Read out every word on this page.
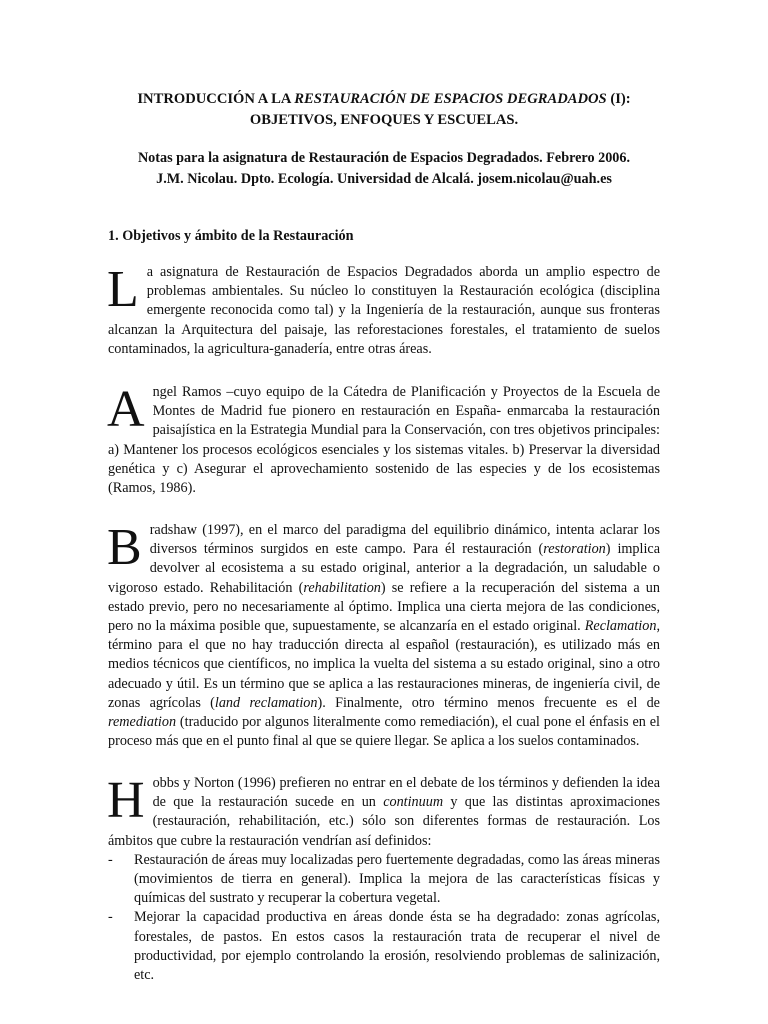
INTRODUCCIÓN A LA RESTAURACIÓN DE ESPACIOS DEGRADADOS (I):
OBJETIVOS, ENFOQUES Y ESCUELAS.
Notas para la asignatura de Restauración de Espacios Degradados. Febrero 2006.
J.M. Nicolau. Dpto. Ecología. Universidad de Alcalá. josem.nicolau@uah.es
1. Objetivos y ámbito de la Restauración
L a asignatura de Restauración de Espacios Degradados aborda un amplio espectro de problemas ambientales. Su núcleo lo constituyen la Restauración ecológica (disciplina emergente reconocida como tal) y la Ingeniería de la restauración, aunque sus fronteras alcanzan la Arquitectura del paisaje, las reforestaciones forestales, el tratamiento de suelos contaminados, la agricultura-ganadería, entre otras áreas.

A ngel Ramos –cuyo equipo de la Cátedra de Planificación y Proyectos de la Escuela de Montes de Madrid fue pionero en restauración en España- enmarcaba la restauración paisajística en la Estrategia Mundial para la Conservación, con tres objetivos principales: a) Mantener los procesos ecológicos esenciales y los sistemas vitales. b) Preservar la diversidad genética y c) Asegurar el aprovechamiento sostenido de las especies y de los ecosistemas (Ramos, 1986).

B radshaw (1997), en el marco del paradigma del equilibrio dinámico, intenta aclarar los diversos términos surgidos en este campo. Para él restauración (restoration) implica devolver al ecosistema a su estado original, anterior a la degradación, un saludable o vigoroso estado. Rehabilitación (rehabilitation) se refiere a la recuperación del sistema a un estado previo, pero no necesariamente al óptimo. Implica una cierta mejora de las condiciones, pero no la máxima posible que, supuestamente, se alcanzaría en el estado original. Reclamation, término para el que no hay traducción directa al español (restauración), es utilizado más en medios técnicos que científicos, no implica la vuelta del sistema a su estado original, sino a otro adecuado y útil. Es un término que se aplica a las restauraciones mineras, de ingeniería civil, de zonas agrícolas (land reclamation). Finalmente, otro término menos frecuente es el de remediation (traducido por algunos literalmente como remediación), el cual pone el énfasis en el proceso más que en el punto final al que se quiere llegar. Se aplica a los suelos contaminados.

H obbs y Norton (1996) prefieren no entrar en el debate de los términos y defienden la idea de que la restauración sucede en un continuum y que las distintas aproximaciones (restauración, rehabilitación, etc.) sólo son diferentes formas de restauración. Los ámbitos que cubre la restauración vendrían así definidos:

- Restauración de áreas muy localizadas pero fuertemente degradadas, como las áreas mineras (movimientos de tierra en general). Implica la mejora de las características físicas y químicas del sustrato y recuperar la cobertura vegetal.
- Mejorar la capacidad productiva en áreas donde ésta se ha degradado: zonas agrícolas, forestales, de pastos. En estos casos la restauración trata de recuperar el nivel de productividad, por ejemplo controlando la erosión, resolviendo problemas de salinización, etc.
